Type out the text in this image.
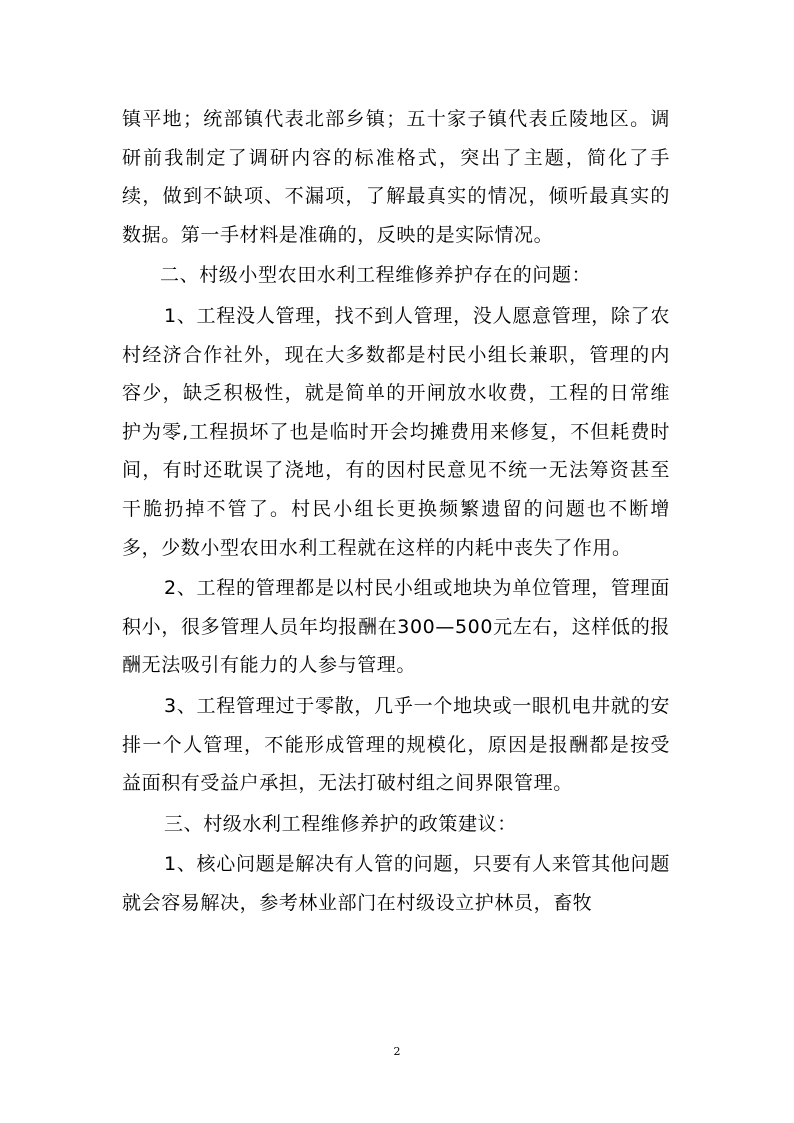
镇平地；统部镇代表北部乡镇；五十家子镇代表丘陵地区。调研前我制定了调研内容的标准格式，突出了主题，简化了手续，做到不缺项、不漏项，了解最真实的情况，倾听最真实的数据。第一手材料是准确的，反映的是实际情况。

二、村级小型农田水利工程维修养护存在的问题：

1、工程没人管理，找不到人管理，没人愿意管理，除了农村经济合作社外，现在大多数都是村民小组长兼职，管理的内容少，缺乏积极性，就是简单的开闸放水收费，工程的日常维护为零,工程损坏了也是临时开会均摊费用来修复，不但耗费时间，有时还耽误了浇地，有的因村民意见不统一无法筹资甚至干脆扔掉不管了。村民小组长更换频繁遗留的问题也不断增多，少数小型农田水利工程就在这样的内耗中丧失了作用。

2、工程的管理都是以村民小组或地块为单位管理，管理面积小，很多管理人员年均报酬在300—500元左右，这样低的报酬无法吸引有能力的人参与管理。

3、工程管理过于零散，几乎一个地块或一眼机电井就的安排一个人管理，不能形成管理的规模化，原因是报酬都是按受益面积有受益户承担，无法打破村组之间界限管理。

三、村级水利工程维修养护的政策建议：

1、核心问题是解决有人管的问题，只要有人来管其他问题就会容易解决，参考林业部门在村级设立护林员，畜牧

2
